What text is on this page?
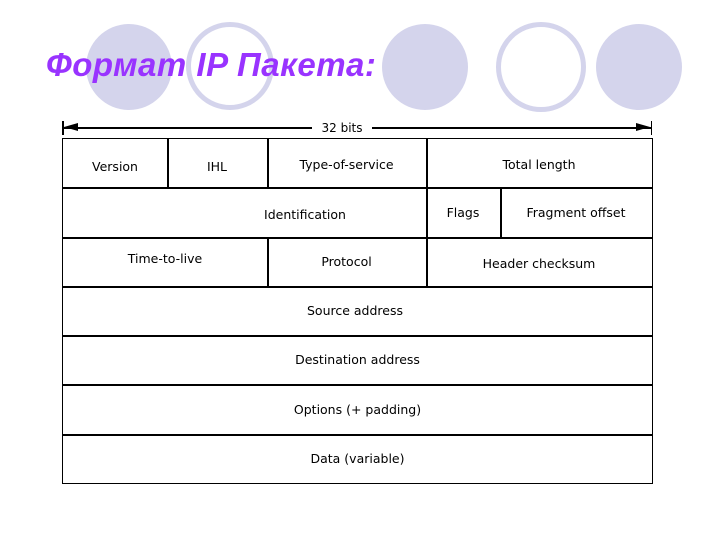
Формат IP Пакета:
32 bits
Version	IHL	Type-of-service	Total length
Identification	Flags	Fragment offset
Time-to-live	Protocol	Header checksum
Source address
Destination address
Options (+ padding)
Data (variable)
